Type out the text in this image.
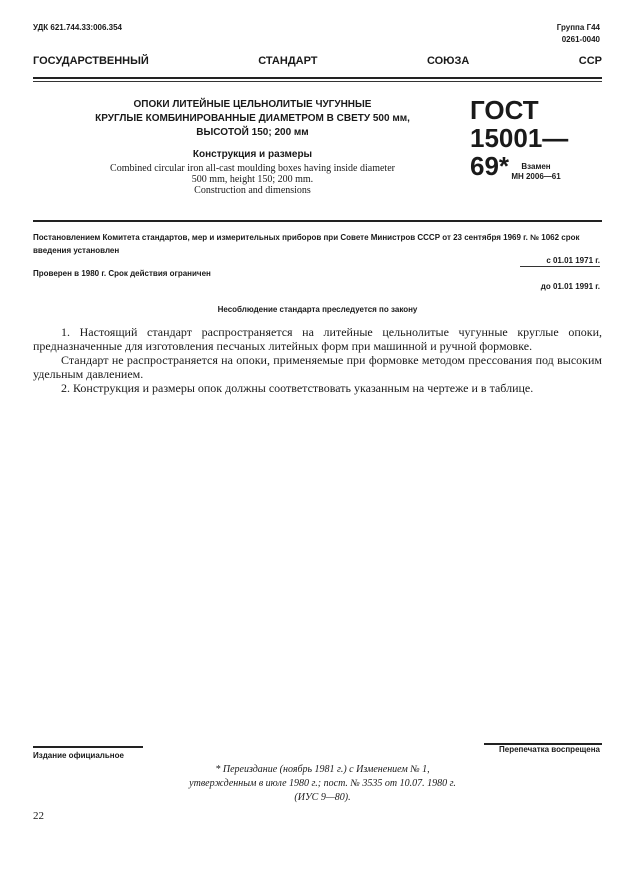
УДК 621.744.33:006.354	Группа Г44
0261-0040
ГОСУДАРСТВЕННЫЙ	СТАНДАРТ	СОЮЗА	ССР
ОПОКИ ЛИТЕЙНЫЕ ЦЕЛЬНОЛИТЫЕ ЧУГУННЫЕ
КРУГЛЫЕ КОМБИНИРОВАННЫЕ ДИАМЕТРОМ В СВЕТУ 500 мм,
ВЫСОТОЙ 150; 200 мм
Конструкция и размеры
Combined circular iron all-cast moulding boxes having inside diameter
500 mm, height 150; 200 mm.
Construction and dimensions
ГОСТ
15001—69*	Взамен
МН 2006—61
Постановлением Комитета стандартов, мер и измерительных приборов при Совете Министров СССР от 23 сентября 1969 г. № 1062 срок введения установлен
с 01.01 1971 г.
Проверен в 1980 г. Срок действия ограничен
до 01.01 1991 г.
Несоблюдение стандарта преследуется по закону

1. Настоящий стандарт распространяется на литейные цельнолитые чугунные круглые опоки, предназначенные для изготовления песчаных литейных форм при машинной и ручной формовке.

Стандарт не распространяется на опоки, применяемые при формовке методом прессования под высоким удельным давлением.

2. Конструкция и размеры опок должны соответствовать указанным на чертеже и в таблице.

Издание официальное
Перепечатка воспрещена
* Переиздание (ноябрь 1981 г.) с Изменением № 1,
утвержденным в июле 1980 г.; пост. № 3535 от 10.07. 1980 г.
(ИУС 9—80).
22
